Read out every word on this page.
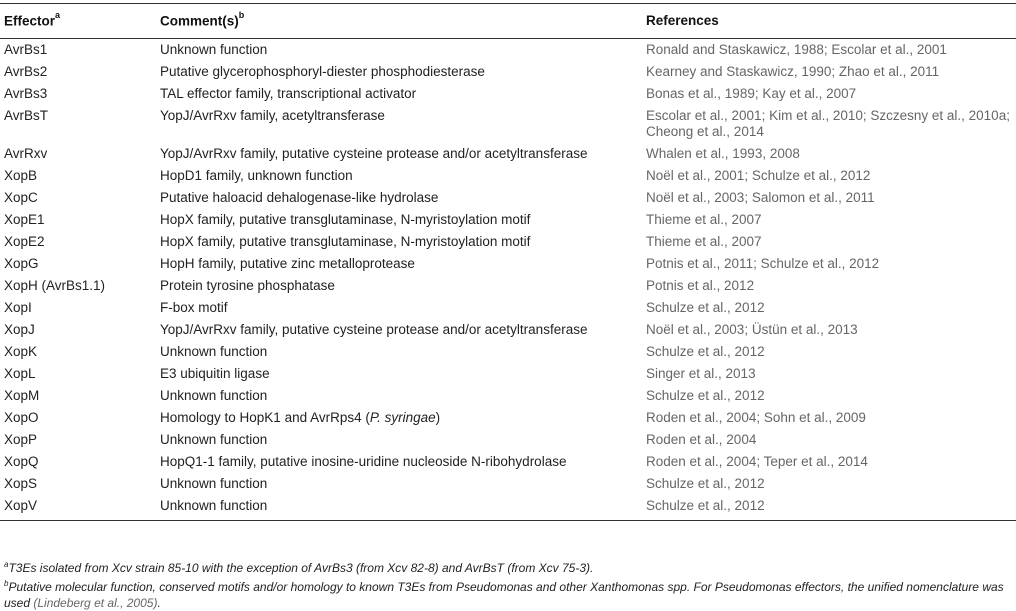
Effector$^a$	$Comment(s)^b$	References
AvrBs1	Unknown function	Ronald and Staskawicz, 1988; Escolar et al., 2001
AvrBs2	Putative glycerophosphoryl-diester phosphodiesterase	Kearney and Staskawicz, 1990; Zhao et al., 2011
AvrBs3	TAL effector family, transcriptional activator	Bonas et al., 1989; Kay et al., 2007
AvrBsT	YopJ/AvrRxv family, acetyltransferase	Escolar et al., 2001; Kim et al., 2010; Szczesny et al., 2010a; Cheong et al., 2014
AvrRxv	YopJ/AvrRxv family, putative cysteine protease and/or acetyltransferase	Whalen et al., 1993, 2008
XopB	HopD1 family, unknown function	Noël et al., 2001; Schulze et al., 2012
XopC	Putative haloacid dehalogenase-like hydrolase	Noël et al., 2003; Salomon et al., 2011
XopE1	HopX family, putative transglutaminase, N-myristoylation motif	Thieme et al., 2007
XopE2	HopX family, putative transglutaminase, N-myristoylation motif	Thieme et al., 2007
XopG	HopH family, putative zinc metalloprotease	Potnis et al., 2011; Schulze et al., 2012
XopH (AvrBs1.1)	Protein tyrosine phosphatase	Potnis et al., 2012
XopI	F-box motif	Schulze et al., 2012
XopJ	YopJ/AvrRxv family, putative cysteine protease and/or acetyltransferase	Noël et al., 2003; Üstün et al., 2013
XopK	Unknown function	Schulze et al., 2012
XopL	E3 ubiquitin ligase	Singer et al., 2013
XopM	Unknown function	Schulze et al., 2012
XopO	Homology to HopK1 and AvrRps4 (P. syringae)	Roden et al., 2004; Sohn et al., 2009
XopP	Unknown function	Roden et al., 2004
XopQ	HopQ1-1 family, putative inosine-uridine nucleoside N-ribohydrolase	Roden et al., 2004; Teper et al., 2014
XopS	Unknown function	Schulze et al., 2012
XopV	Unknown function	Schulze et al., 2012

$^a$T3Es isolated from Xcv strain 85-10 with the exception of AvrBs3 (from Xcv 82-8) and AvrBsT (from Xcv 75-3).

$^b$Putative molecular function, conserved motifs and/or homology to known T3Es from Pseudomonas and other Xanthomonas spp. For Pseudomonas effectors, the unified nomenclature was used (Lindeberg et al., 2005).
